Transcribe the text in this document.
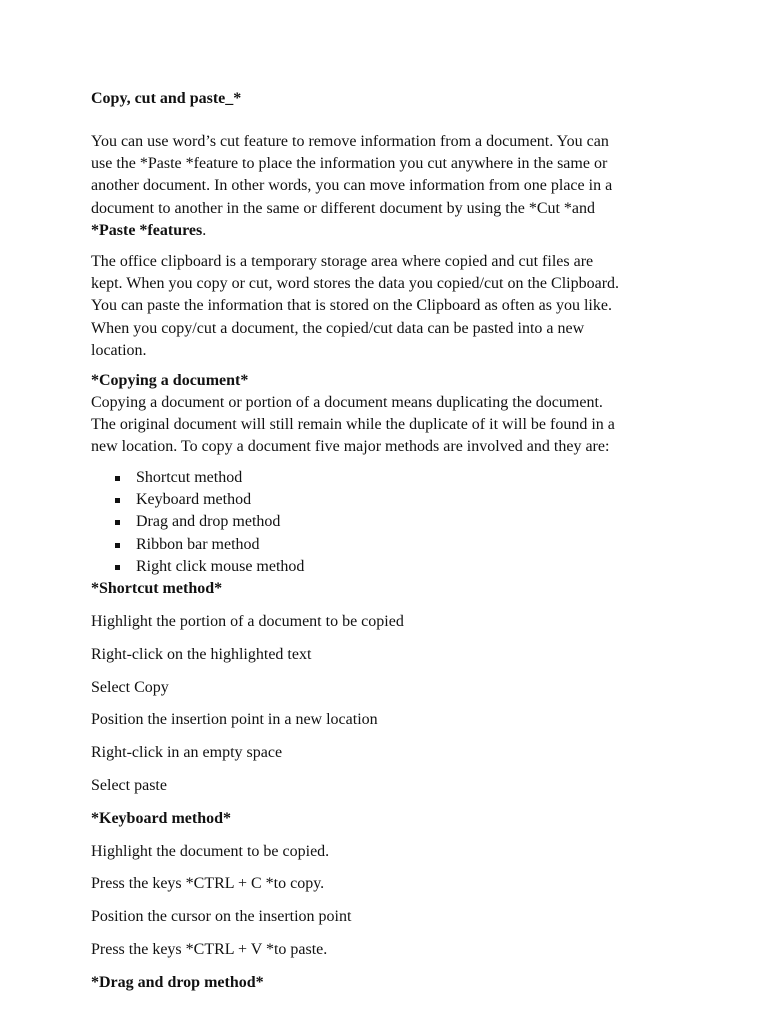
Copy, cut and paste_*
You can use word’s cut feature to remove information from a document. You can
use the *Paste *feature to place the information you cut anywhere in the same or
another document. In other words, you can move information from one place in a
document to another in the same or different document by using the *Cut *and
*Paste *features.
The office clipboard is a temporary storage area where copied and cut files are
kept. When you copy or cut, word stores the data you copied/cut on the Clipboard.
You can paste the information that is stored on the Clipboard as often as you like.
When you copy/cut a document, the copied/cut data can be pasted into a new
location.
*Copying a document*
Copying a document or portion of a document means duplicating the document.
The original document will still remain while the duplicate of it will be found in a
new location. To copy a document five major methods are involved and they are:
Shortcut method
Keyboard method
Drag and drop method
Ribbon bar method
Right click mouse method
*Shortcut method*
Highlight the portion of a document to be copied
Right-click on the highlighted text
Select Copy
Position the insertion point in a new location
Right-click in an empty space
Select paste
*Keyboard method*
Highlight the document to be copied.
Press the keys *CTRL + C *to copy.
Position the cursor on the insertion point
Press the keys *CTRL + V *to paste.
*Drag and drop method*
